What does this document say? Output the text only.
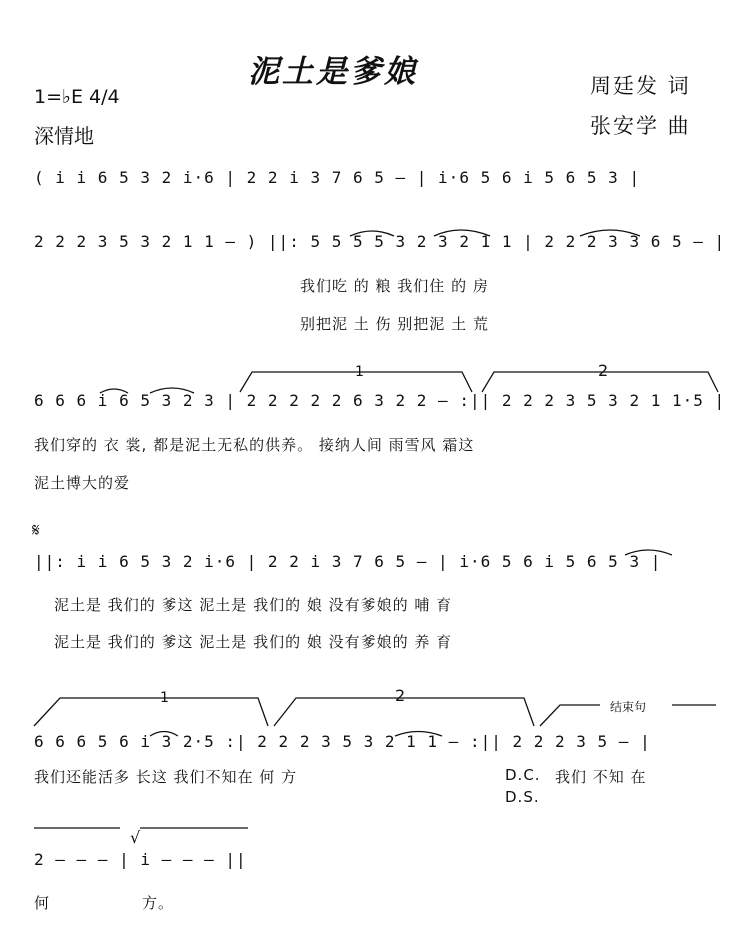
泥土是爹娘	周廷发 词
张安学 曲
1=♭E 4/4
深情地
( i i 6 5 3 2 i·6 | 2 2 i 3 7 6 5 — | i·6 5 6 i 5 6 5 3 |
2 2 2 3 5 3 2 1 1 — ) ||: 5 5 5 5 3 2 3 2 1 1 | 2 2 2 3 3 6 5 — |
我们吃 的 粮 我们住 的 房
别把泥 土 伤 别把泥 土 荒
1	2
6 6 6 i 6 5 3 2 3 | 2 2 2 2 2 6 3 2 2 — :|| 2 2 2 3 5 3 2 1 1·5 |
我们穿的 衣 裳, 都是泥土无私的供养。 接纳人间 雨雪风 霜这
泥土博大的爱
𝄋
||: i i 6 5 3 2 i·6 | 2 2 i 3 7 6 5 — | i·6 5 6 i 5 6 5 3 |
泥土是 我们的 爹这 泥土是 我们的 娘 没有爹娘的 哺 育
泥土是 我们的 爹这 泥土是 我们的 娘 没有爹娘的 养 育
结束句
1	2
6 6 6 5 6 i 3 2·5 :| 2 2 2 3 5 3 2 1 1 — :|| 2 2 2 3 5 — |
我们还能活多 长这 我们不知在 何 方	D.C.
D.S.
我们 不知 在
√
2 — — — | i — — — ||
何	方。
